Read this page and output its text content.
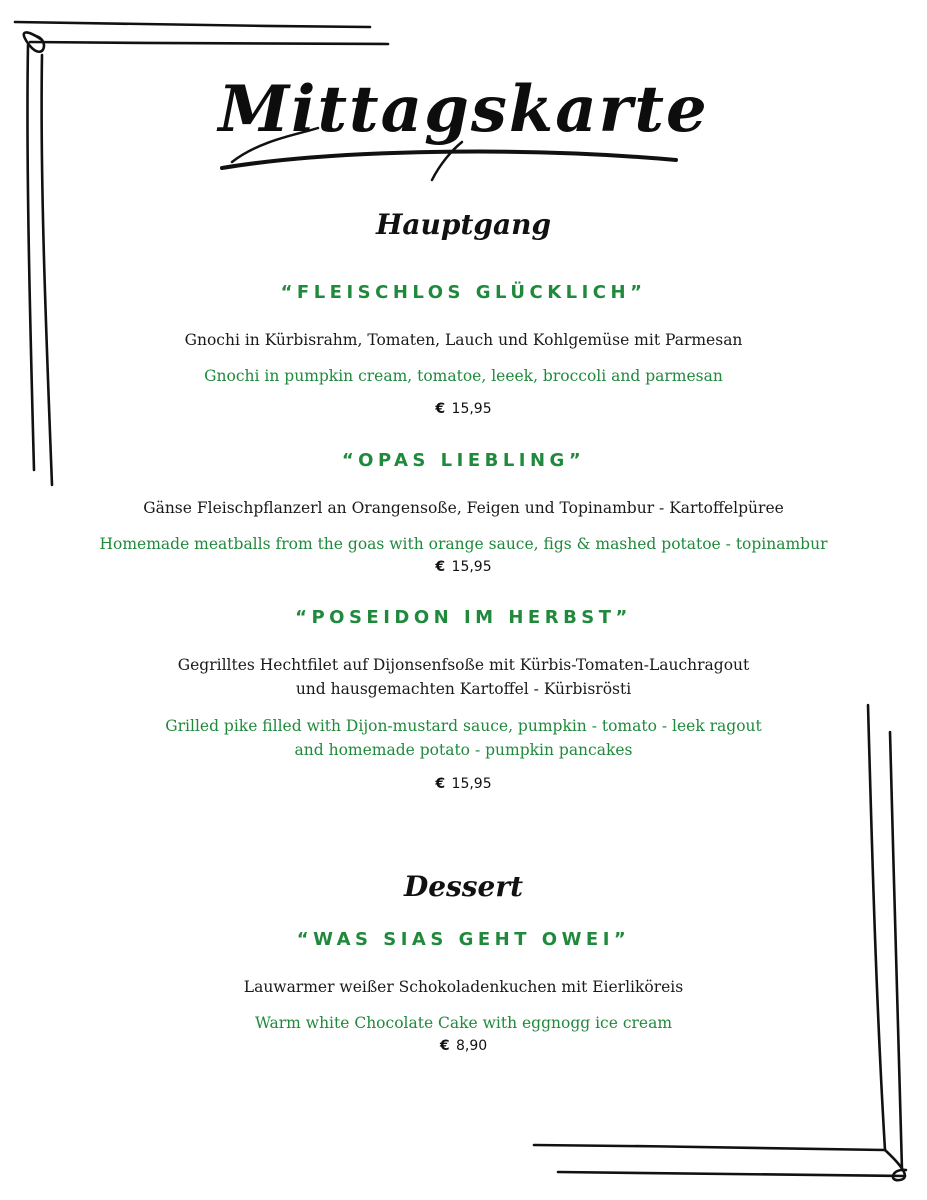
Mittagskarte
Hauptgang
“FLEISCHLOS GLÜCKLICH”
Gnochi in Kürbisrahm, Tomaten, Lauch und Kohlgemüse mit Parmesan
Gnochi in pumpkin cream, tomatoe, leeek, broccoli and parmesan
€ 15,95
“OPAS LIEBLING”
Gänse Fleischpflanzerl an Orangensoße, Feigen und Topinambur - Kartoffelpüree
Homemade meatballs from the goas with orange sauce, figs & mashed potatoe - topinambur
€ 15,95
“POSEIDON IM HERBST”
Gegrilltes Hechtfilet auf Dijonsenfsoße mit Kürbis-Tomaten-Lauchragout
und hausgemachten Kartoffel - Kürbisrösti
Grilled pike filled with Dijon-mustard sauce, pumpkin - tomato - leek ragout
and homemade potato - pumpkin pancakes
€ 15,95
Dessert
“WAS SIAS GEHT OWEI”
Lauwarmer weißer Schokoladenkuchen mit Eierliköreis
Warm white Chocolate Cake with eggnogg ice cream
€ 8,90
